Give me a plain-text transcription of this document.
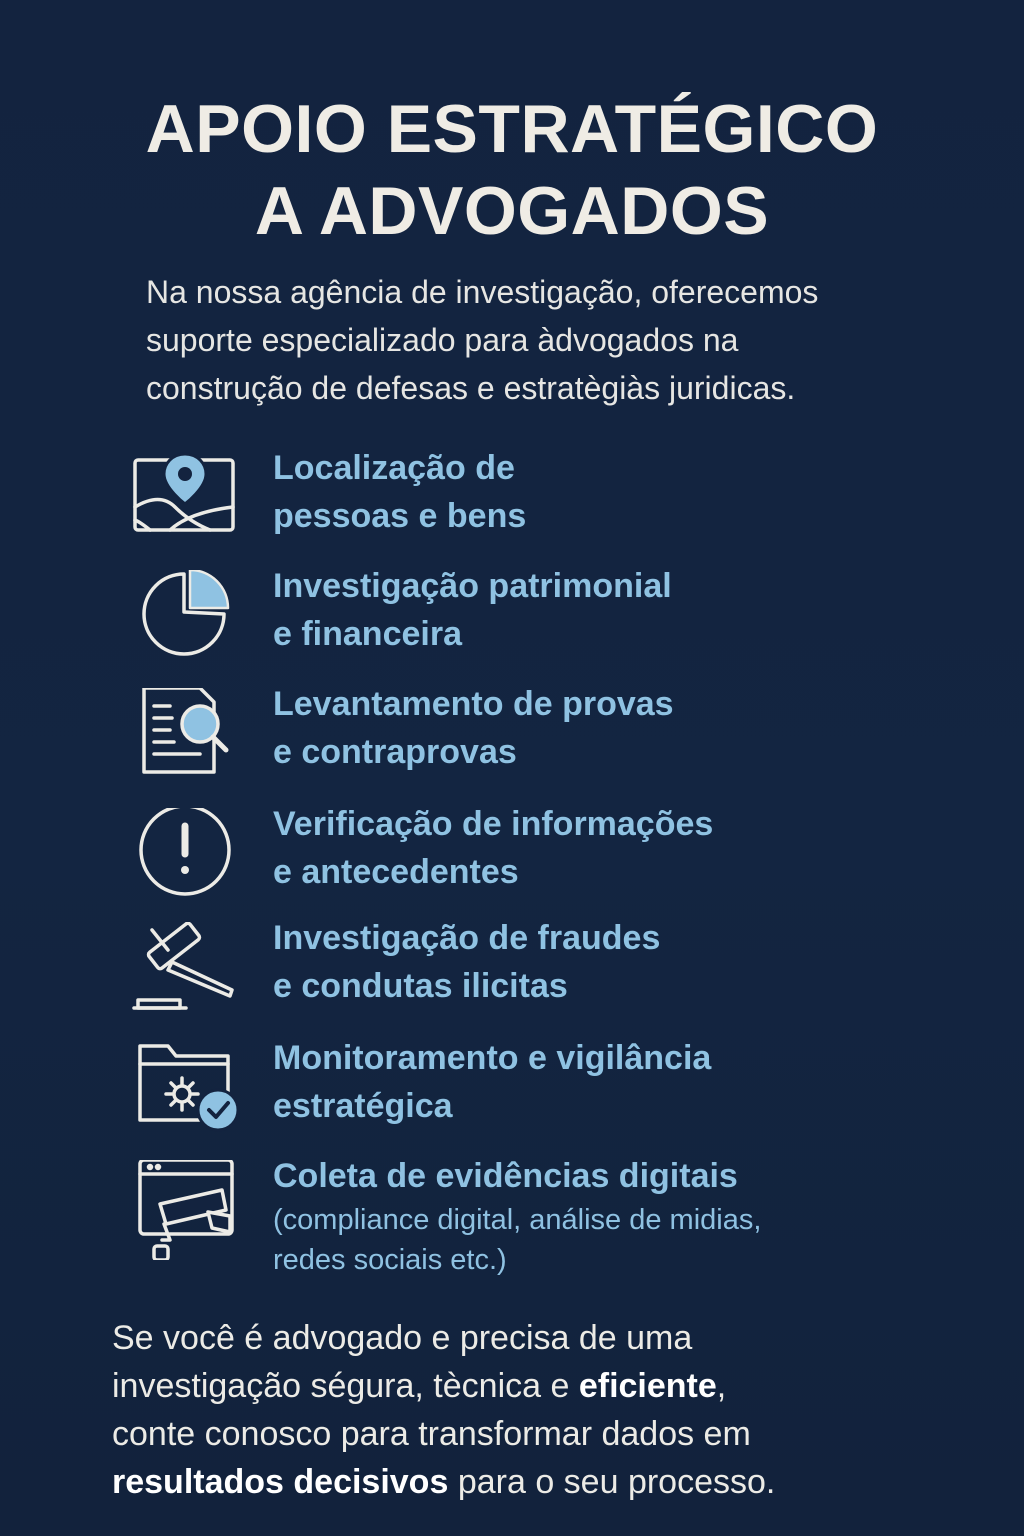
APOIO ESTRATÉGICO
A ADVOGADOS

Na nossa agência de investigação, oferecemos
suporte especializado para àdvogados na
construção de defesas e estratègiàs juridicas.

Localização de
pessoas e bens
Investigação patrimonial
e financeira
Levantamento de provas
e contraprovas
Verificação de informações
e antecedentes
Investigação de fraudes
e condutas ilicitas
Monitoramento e vigilância
estratégica
Coleta de evidências digitais
(compliance digital, análise de midias,
redes sociais etc.)

Se você é advogado e precisa de uma
investigação ségura, tècnica e eficiente,
conte conosco para transformar dados em
resultados decisivos para o seu processo.
